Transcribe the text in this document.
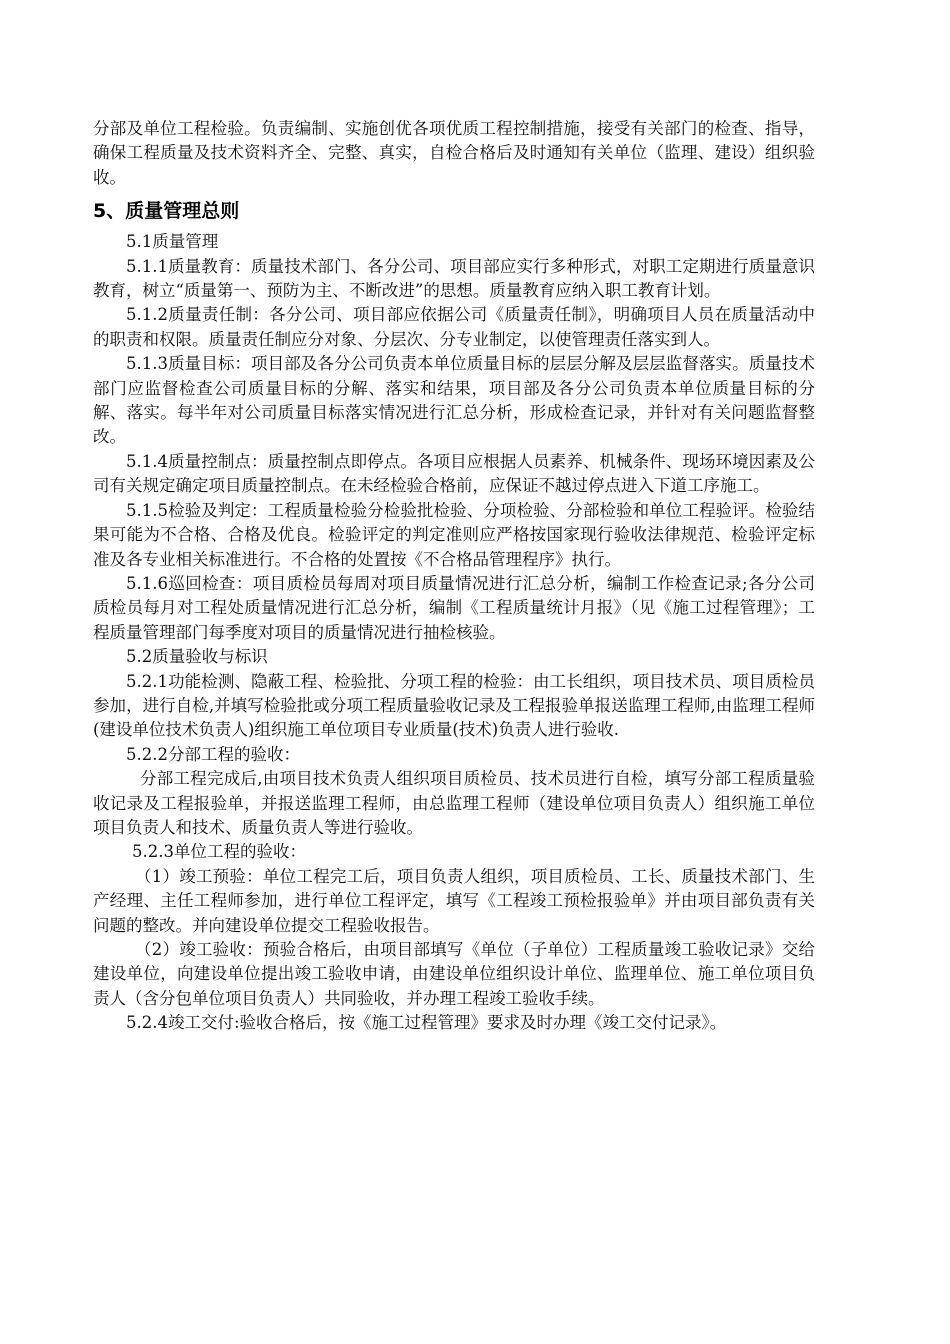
分部及单位工程检验。负责编制、实施创优各项优质工程控制措施，接受有关部门的检查、指导，确保工程质量及技术资料齐全、完整、真实，自检合格后及时通知有关单位（监理、建设）组织验收。

5、质量管理总则

5.1质量管理

5.1.1质量教育：质量技术部门、各分公司、项目部应实行多种形式，对职工定期进行质量意识教育，树立“质量第一、预防为主、不断改进”的思想。质量教育应纳入职工教育计划。

5.1.2质量责任制：各分公司、项目部应依据公司《质量责任制》，明确项目人员在质量活动中的职责和权限。质量责任制应分对象、分层次、分专业制定，以使管理责任落实到人。

5.1.3质量目标：项目部及各分公司负责本单位质量目标的层层分解及层层监督落实。质量技术部门应监督检查公司质量目标的分解、落实和结果，项目部及各分公司负责本单位质量目标的分解、落实。每半年对公司质量目标落实情况进行汇总分析，形成检查记录，并针对有关问题监督整改。

5.1.4质量控制点：质量控制点即停点。各项目应根据人员素养、机械条件、现场环境因素及公司有关规定确定项目质量控制点。在未经检验合格前，应保证不越过停点进入下道工序施工。

5.1.5检验及判定：工程质量检验分检验批检验、分项检验、分部检验和单位工程验评。检验结果可能为不合格、合格及优良。检验评定的判定准则应严格按国家现行验收法律规范、检验评定标准及各专业相关标准进行。不合格的处置按《不合格品管理程序》执行。

5.1.6巡回检查：项目质检员每周对项目质量情况进行汇总分析，编制工作检查记录;各分公司质检员每月对工程处质量情况进行汇总分析，编制《工程质量统计月报》（见《施工过程管理》；工程质量管理部门每季度对项目的质量情况进行抽检核验。

5.2质量验收与标识

5.2.1功能检测、隐蔽工程、检验批、分项工程的检验：由工长组织，项目技术员、项目质检员参加，进行自检,并填写检验批或分项工程质量验收记录及工程报验单报送监理工程师,由监理工程师(建设单位技术负责人)组织施工单位项目专业质量(技术)负责人进行验收.

5.2.2分部工程的验收：

分部工程完成后,由项目技术负责人组织项目质检员、技术员进行自检，填写分部工程质量验收记录及工程报验单，并报送监理工程师，由总监理工程师（建设单位项目负责人）组织施工单位项目负责人和技术、质量负责人等进行验收。

5.2.3单位工程的验收：

（1）竣工预验：单位工程完工后，项目负责人组织，项目质检员、工长、质量技术部门、生产经理、主任工程师参加，进行单位工程评定，填写《工程竣工预检报验单》并由项目部负责有关问题的整改。并向建设单位提交工程验收报告。

（2）竣工验收：预验合格后，由项目部填写《单位（子单位）工程质量竣工验收记录》交给建设单位，向建设单位提出竣工验收申请，由建设单位组织设计单位、监理单位、施工单位项目负责人（含分包单位项目负责人）共同验收，并办理工程竣工验收手续。

5.2.4竣工交付:验收合格后，按《施工过程管理》要求及时办理《竣工交付记录》。
